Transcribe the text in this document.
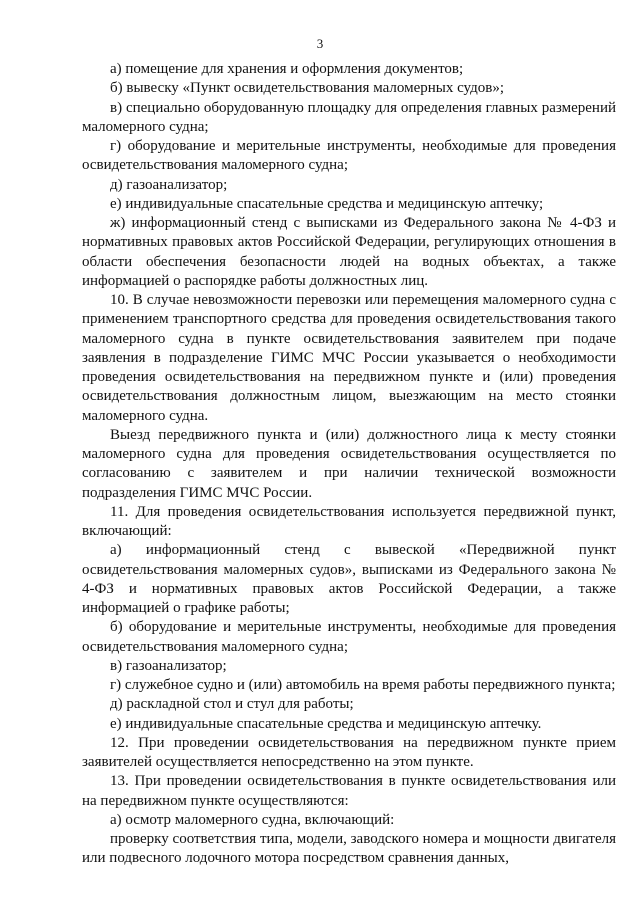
3

а) помещение для хранения и оформления документов;

б) вывеску «Пункт освидетельствования маломерных судов»;

в) специально оборудованную площадку для определения главных размерений маломерного судна;

г) оборудование и мерительные инструменты, необходимые для проведения освидетельствования маломерного судна;

д) газоанализатор;

е) индивидуальные спасательные средства и медицинскую аптечку;

ж) информационный стенд с выписками из Федерального закона № 4-ФЗ и нормативных правовых актов Российской Федерации, регулирующих отношения в области обеспечения безопасности людей на водных объектах, а также информацией о распорядке работы должностных лиц.

10. В случае невозможности перевозки или перемещения маломерного судна с применением транспортного средства для проведения освидетельствования такого маломерного судна в пункте освидетельствования заявителем при подаче заявления в подразделение ГИМС МЧС России указывается о необходимости проведения освидетельствования на передвижном пункте и (или) проведения освидетельствования должностным лицом, выезжающим на место стоянки маломерного судна.

Выезд передвижного пункта и (или) должностного лица к месту стоянки маломерного судна для проведения освидетельствования осуществляется по согласованию с заявителем и при наличии технической возможности подразделения ГИМС МЧС России.

11. Для проведения освидетельствования используется передвижной пункт, включающий:

а) информационный стенд с вывеской «Передвижной пункт освидетельствования маломерных судов», выписками из Федерального закона № 4-ФЗ и нормативных правовых актов Российской Федерации, а также информацией о графике работы;

б) оборудование и мерительные инструменты, необходимые для проведения освидетельствования маломерного судна;

в) газоанализатор;

г) служебное судно и (или) автомобиль на время работы передвижного пункта;

д) раскладной стол и стул для работы;

е) индивидуальные спасательные средства и медицинскую аптечку.

12. При проведении освидетельствования на передвижном пункте прием заявителей осуществляется непосредственно на этом пункте.

13. При проведении освидетельствования в пункте освидетельствования или на передвижном пункте осуществляются:

а) осмотр маломерного судна, включающий:

проверку соответствия типа, модели, заводского номера и мощности двигателя или подвесного лодочного мотора посредством сравнения данных,
